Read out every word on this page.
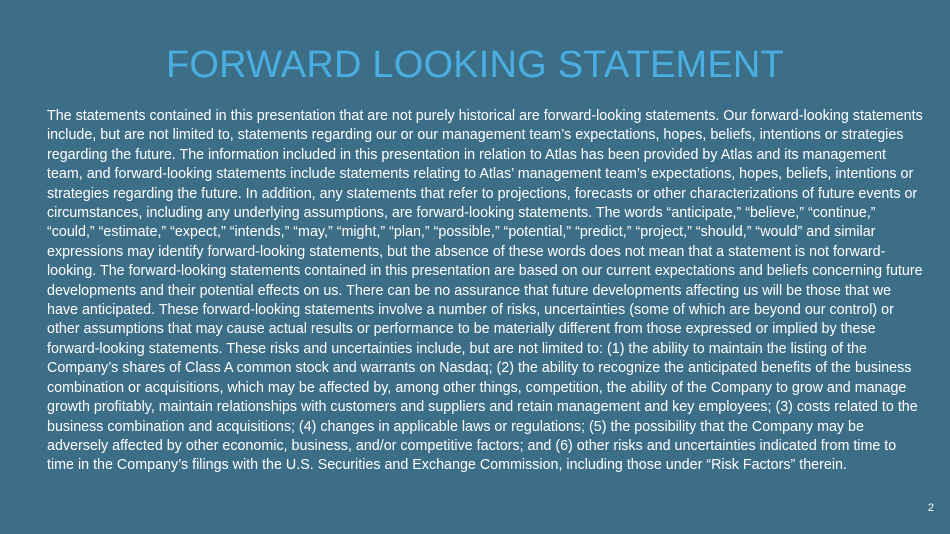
FORWARD LOOKING STATEMENT

The statements contained in this presentation that are not purely historical are forward-looking statements. Our forward-looking statements include, but are not limited to, statements regarding our or our management team’s expectations, hopes, beliefs, intentions or strategies regarding the future. The information included in this presentation in relation to Atlas has been provided by Atlas and its management team, and forward-looking statements include statements relating to Atlas’ management team’s expectations, hopes, beliefs, intentions or strategies regarding the future. In addition, any statements that refer to projections, forecasts or other characterizations of future events or circumstances, including any underlying assumptions, are forward-looking statements. The words “anticipate,” “believe,” “continue,” “could,” “estimate,” “expect,” “intends,” “may,” “might,” “plan,” “possible,” “potential,” “predict,” “project,” “should,” “would” and similar expressions may identify forward-looking statements, but the absence of these words does not mean that a statement is not forward-looking. The forward-looking statements contained in this presentation are based on our current expectations and beliefs concerning future developments and their potential effects on us. There can be no assurance that future developments affecting us will be those that we have anticipated. These forward-looking statements involve a number of risks, uncertainties (some of which are beyond our control) or other assumptions that may cause actual results or performance to be materially different from those expressed or implied by these forward-looking statements. These risks and uncertainties include, but are not limited to: (1) the ability to maintain the listing of the Company’s shares of Class A common stock and warrants on Nasdaq; (2) the ability to recognize the anticipated benefits of the business combination or acquisitions, which may be affected by, among other things, competition, the ability of the Company to grow and manage growth profitably, maintain relationships with customers and suppliers and retain management and key employees; (3) costs related to the business combination and acquisitions; (4) changes in applicable laws or regulations; (5) the possibility that the Company may be adversely affected by other economic, business, and/or competitive factors; and (6) other risks and uncertainties indicated from time to time in the Company’s filings with the U.S. Securities and Exchange Commission, including those under “Risk Factors” therein.

2
